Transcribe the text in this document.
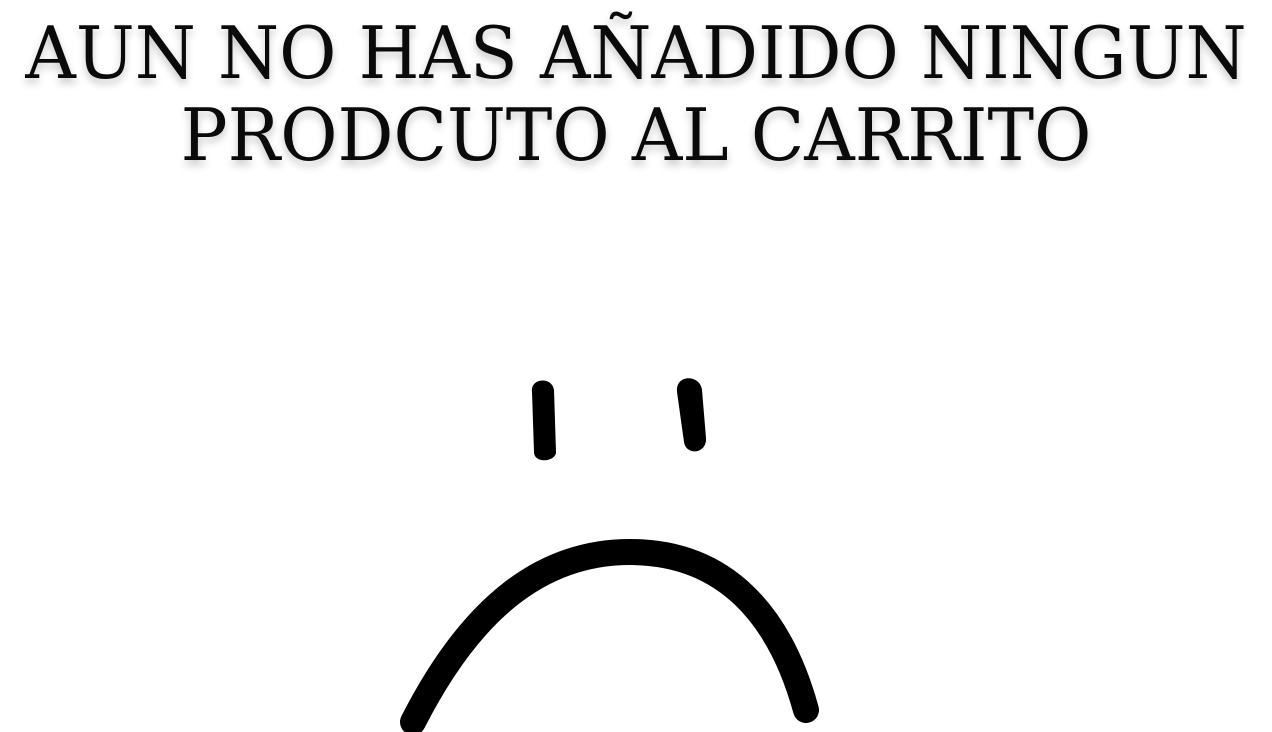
AUN NO HAS AÑADIDO NINGUN PRODCUTO AL CARRITO
